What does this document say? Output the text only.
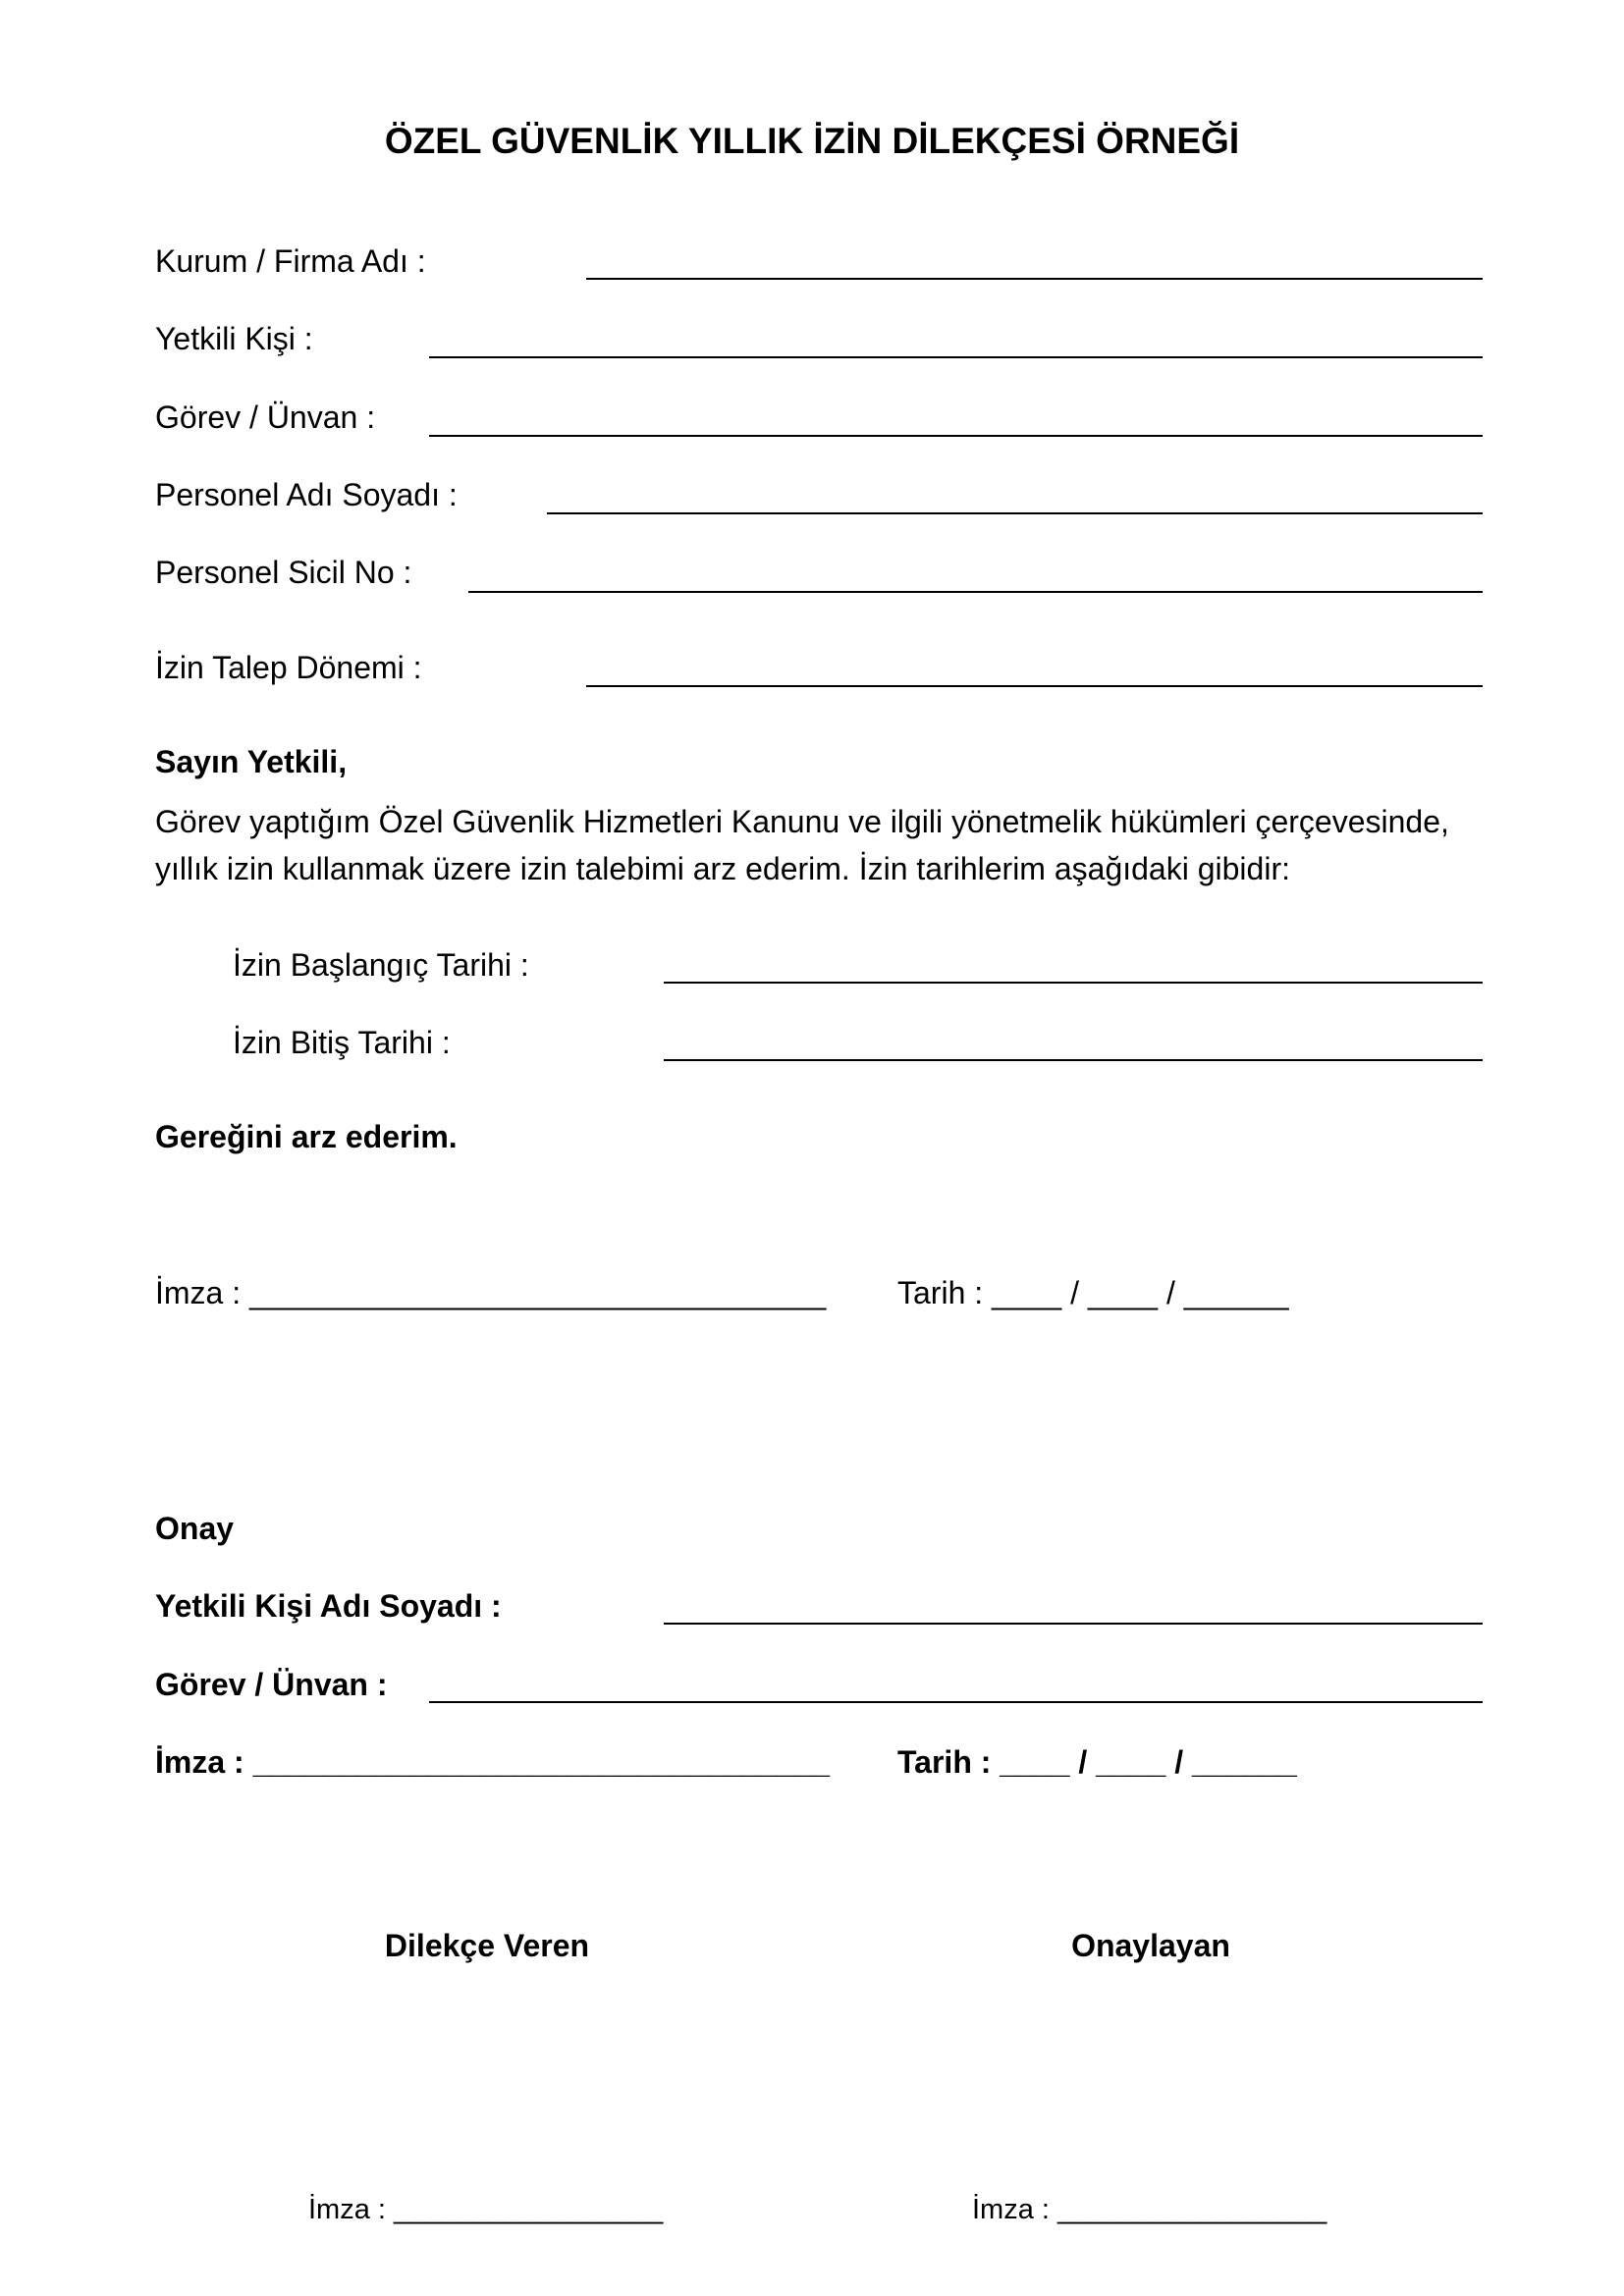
ÖZEL GÜVENLİK YILLIK İZİN DİLEKÇESİ ÖRNEĞİ
Kurum / Firma Adı :
Yetkili Kişi :
Görev / Ünvan :
Personel Adı Soyadı :
Personel Sicil No :
İzin Talep Dönemi :
Sayın Yetkili,
Görev yaptığım Özel Güvenlik Hizmetleri Kanunu ve ilgili yönetmelik hükümleri çerçevesinde, yıllık izin kullanmak üzere izin talebimi arz ederim. İzin tarihlerim aşağıdaki gibidir:
İzin Başlangıç Tarihi :
İzin Bitiş Tarihi :
Gereğini arz ederim.
İmza : _________________________________ Tarih : ____ / ____ / ______
Onay
Yetkili Kişi Adı Soyadı :
Görev / Ünvan :
İmza : _________________________________ Tarih : ____ / ____ / ______
Dilekçe Veren	Onaylayan
İmza : _________________	İmza : _________________
